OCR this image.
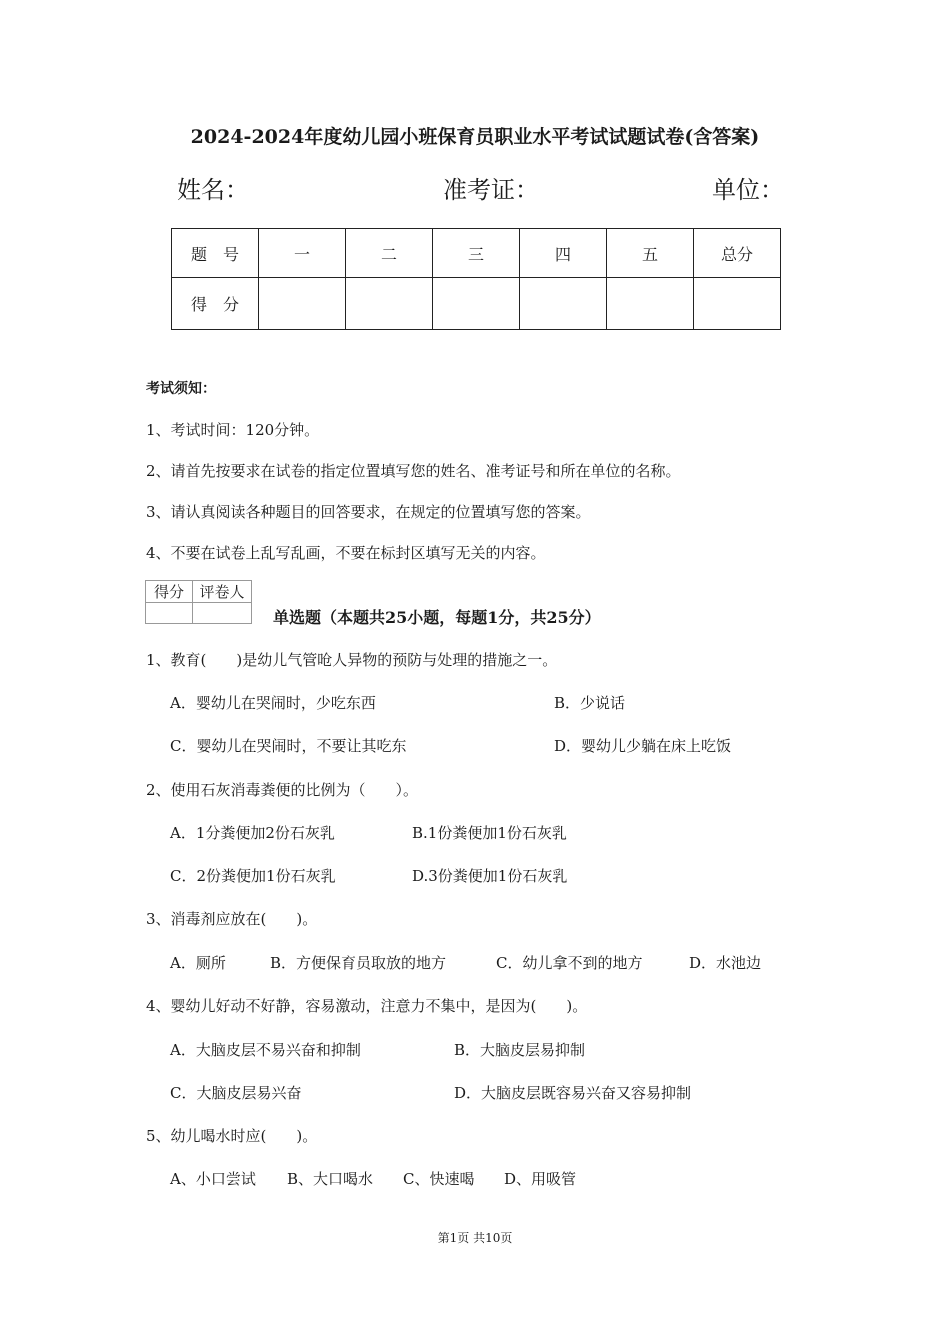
2024-2024年度幼儿园小班保育员职业水平考试试题试卷(含答案)
姓名：	准考证：	单位：
题　号	一	二	三	四	五	总分
得　分						
考试须知：
1、考试时间：120分钟。
2、请首先按要求在试卷的指定位置填写您的姓名、准考证号和所在单位的名称。
3、请认真阅读各种题目的回答要求，在规定的位置填写您的答案。
4、不要在试卷上乱写乱画，不要在标封区填写无关的内容。
得分	评卷人

单选题（本题共25小题，每题1分，共25分）
1、教育(　　)是幼儿气管呛人异物的预防与处理的措施之一。
A．婴幼儿在哭闹时，少吃东西	B．少说话
C．婴幼儿在哭闹时，不要让其吃东	D．婴幼儿少躺在床上吃饭
2、使用石灰消毒粪便的比例为（　　）。
A．1分粪便加2份石灰乳	B.1份粪便加1份石灰乳
C．2份粪便加1份石灰乳	D.3份粪便加1份石灰乳
3、消毒剂应放在(　　)。
A．厕所	B．方便保育员取放的地方	C．幼儿拿不到的地方	D．水池边
4、婴幼儿好动不好静，容易激动，注意力不集中，是因为(　　)。
A．大脑皮层不易兴奋和抑制	B．大脑皮层易抑制
C．大脑皮层易兴奋	D．大脑皮层既容易兴奋又容易抑制
5、幼儿喝水时应(　　)。
A、小口尝试 B、大口喝水 C、快速喝 D、用吸管
第1页 共10页
